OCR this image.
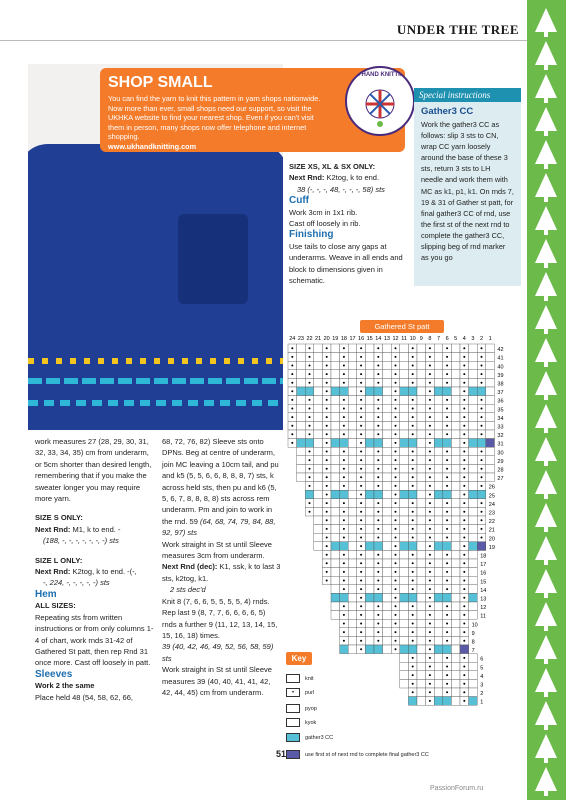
UNDER THE TREE
SHOP SMALL
You can find the yarn to knit this pattern in yarn shops nationwide. Now more than ever, small shops need our support, so visit the UKHKA website to find your nearest shop. Even if you can't visit them in person, many shops now offer telephone and internet shopping.
www.ukhandknitting.com
UK HAND KNITTING
Special instructions
Gather3 CC
Work the gather3 CC as follows: slip 3 sts to CN, wrap CC yarn loosely around the base of these 3 sts, return 3 sts to LH needle and work them with MC as k1, p1, k1. On rnds 7, 19 & 31 of Gather st patt, for final gather3 CC of rnd, use the first st of the next rnd to complete the gather3 CC, slipping beg of rnd marker as you go

SIZE XS, XL & SX ONLY:

Next Rnd: K2tog, k to end.

38 (-, -, -, 48, -, -, -, 58) sts

Cuff

Work 3cm in 1x1 rib.

Cast off loosely in rib.

Finishing

Use tails to close any gaps at underarms. Weave in all ends and block to dimensions given in schematic.

work measures 27 (28, 29, 30, 31, 32, 33, 34, 35) cm from underarm, or 5cm shorter than desired length, remembering that if you make the sweater longer you may require more yarn.

SIZE S ONLY:

Next Rnd: M1, k to end. -

(188, -, -, -, -, -, -, -) sts

SIZE L ONLY:

Next Rnd: K2tog, k to end. -(-,

-, 224, -, -, -, -, -) sts

Hem

ALL SIZES:

Repeating sts from written instructions or from only columns 1-4 of chart, work rnds 31-42 of Gathered St patt, then rep Rnd 31 once more. Cast off loosely in patt.

Sleeves

Work 2 the same

Place held 48 (54, 58, 62, 66,

68, 72, 76, 82) Sleeve sts onto DPNs. Beg at centre of underarm, join MC leaving a 10cm tail, and pu and k5 (5, 5, 6, 6, 8, 8, 8, 7) sts, k across held sts, then pu and k6 (5, 5, 6, 7, 8, 8, 8, 8) sts across rem underarm. Pm and join to work in the rnd. 59 (64, 68, 74, 79, 84, 88, 92, 97) sts

Work straight in St st until Sleeve measures 3cm from underarm.

Next Rnd (dec): K1, ssk, k to last 3 sts, k2tog, k1.

2 sts dec'd

Knit 8 (7, 6, 6, 5, 5, 5, 5, 4) rnds.

Rep last 9 (8, 7, 7, 6, 6, 6, 6, 5) rnds a further 9 (11, 12, 13, 14, 15, 15, 16, 18) times.

39 (40, 42, 46, 49, 52, 56, 58, 59) sts

Work straight in St st until Sleeve measures 39 (40, 40, 41, 41, 42, 42, 44, 45) cm from underarm.

Gathered St patt
24 23 22 21 20 19 18 17 16 15 14 13 12 11 10 9 8 7 6 5 4 3 2 1
42
41
40
39
38
37
36
35
34
33
32
31
30
29
28
27
26
25
24
23
22
21
20
19
18
17
16
15
14
13
12
11
10
9
8
7
6
5
4
3
2
1
Key
knit
•	purl
pyop
kyok
gather3 CC
use first st of next rnd to complete final gather3 CC
51
PassionForum.ru
